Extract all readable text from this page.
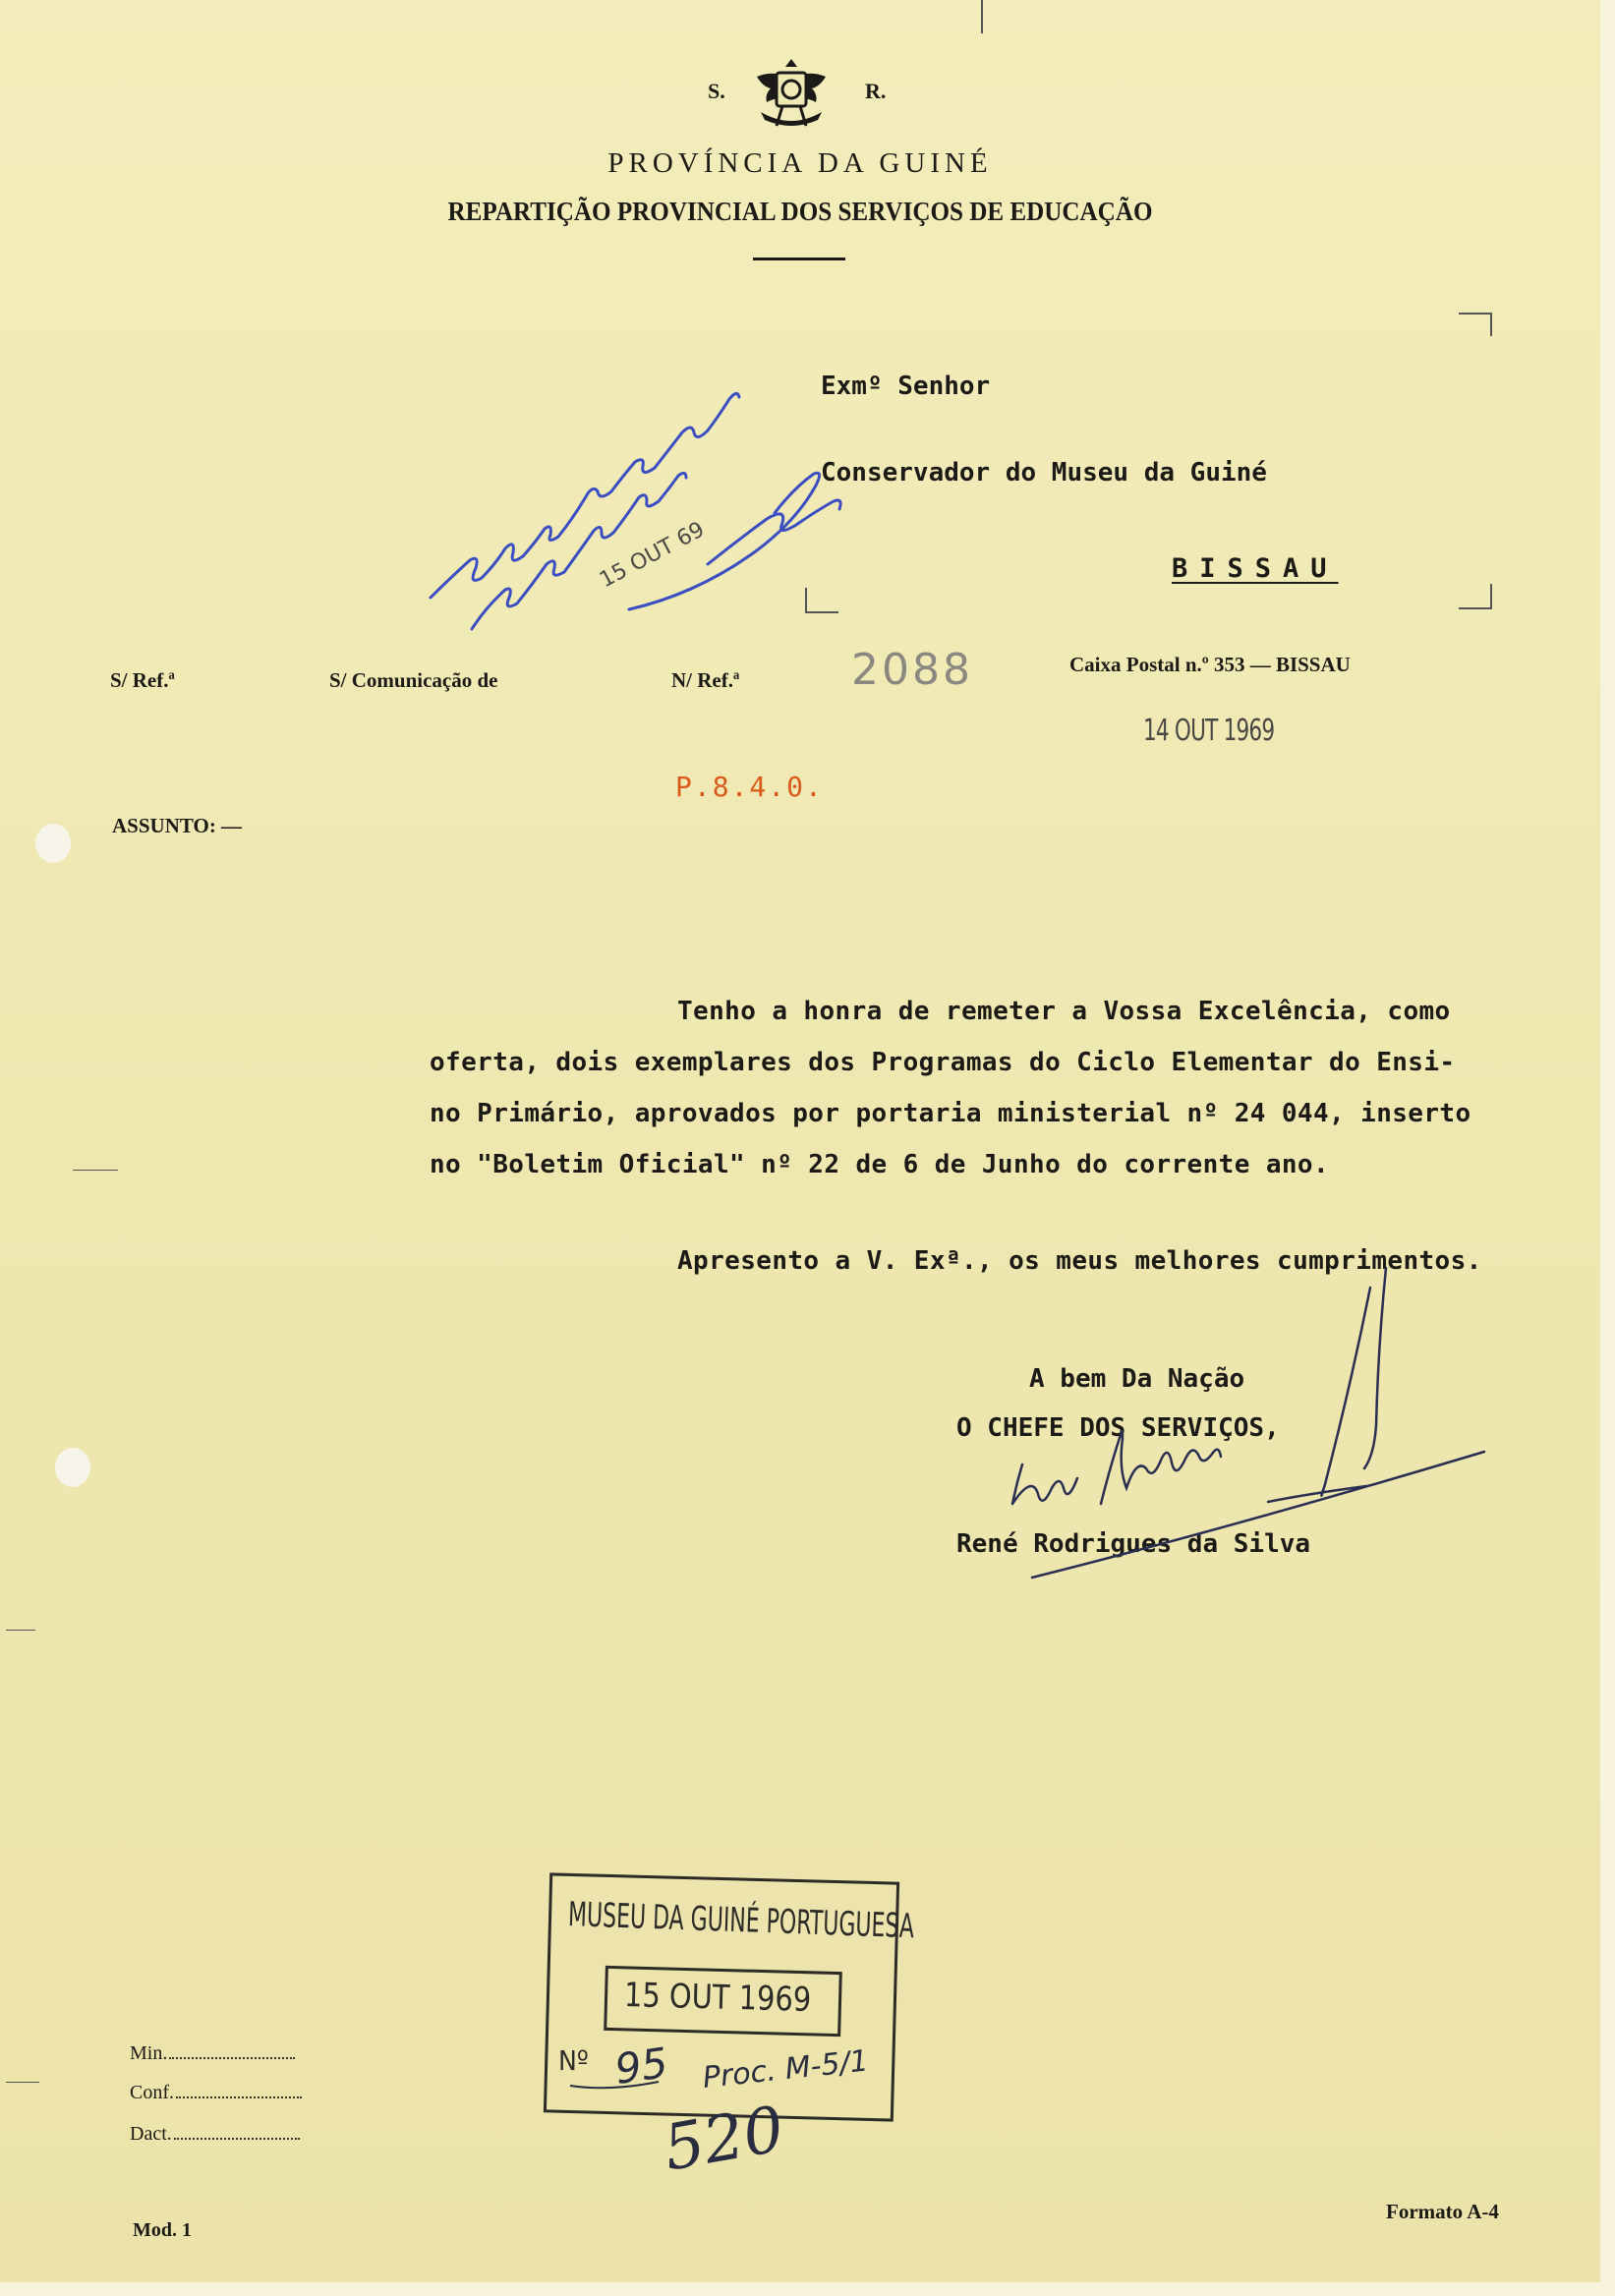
S.	R.
PROVÍNCIA DA GUINÉ
REPARTIÇÃO PROVINCIAL DOS SERVIÇOS DE EDUCAÇÃO
Exmº Senhor
Conservador do Museu da Guiné
BISSAU
S/ Ref.ª	S/ Comunicação de	N/ Ref.ª	2088	Caixa Postal n.º 353 — BISSAU
14 OUT 1969
P.8.4.0.
ASSUNTO: —
Tenho a honra de remeter a Vossa Excelência, como
oferta, dois exemplares dos Programas do Ciclo Elementar do Ensi-
no Primário, aprovados por portaria ministerial nº 24 044, inserto
no "Boletim Oficial" nº 22 de 6 de Junho do corrente ano.
Apresento a V. Exª., os meus melhores cumprimentos.
A bem Da Nação
O CHEFE DOS SERVIÇOS,
René Rodrigues da Silva
MUSEU DA GUINÉ PORTUGUESA
15 OUT 1969
Nº
Min.
Conf.
Dact.
Mod. 1
Formato A-4
15 OUT 69
95 Proc. M-5/1
520
